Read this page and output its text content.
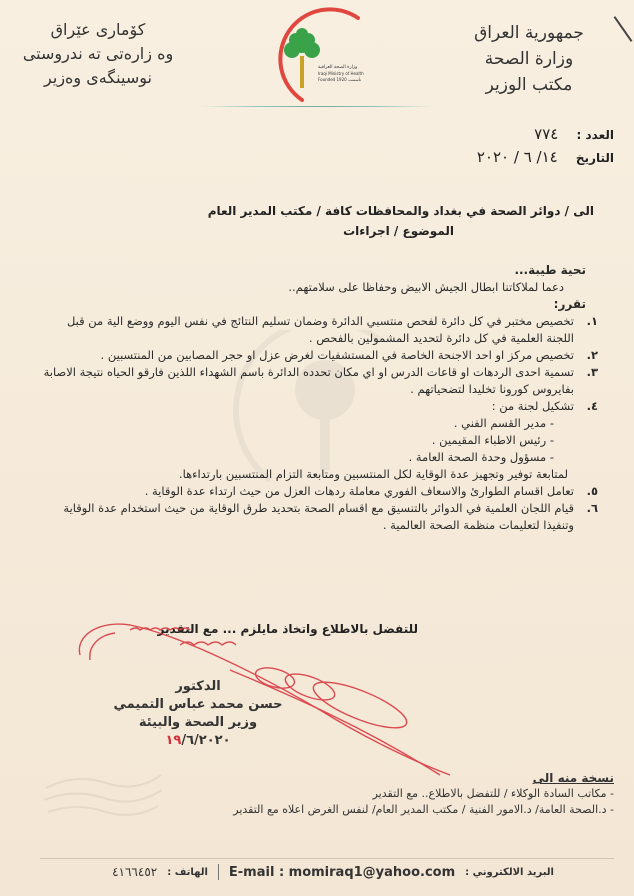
جمهورية العراق
وزارة الصحة
مكتب الوزير
کۆماری عێراق
وه زارەتی تە ندروستی
نوسینگەی وەزیر
وزارة الصحة العراقية
Iraqi Ministry of Health
Founded 1920 تأسست
العدد : ٧٧٤
التاريخ ١٤/ ٦ / ٢٠٢٠
الى / دوائر الصحة في بغداد والمحافظات كافة / مكتب المدير العام
الموضوع / اجراءات
تحية طيبة...
دعما لملاكاتنا ابطال الجيش الابيض وحفاظا على سلامتهم..
تقرر:
١.
تخصيص مختبر في كل دائرة لفحص منتسبي الدائرة وضمان تسليم النتائج في نفس اليوم ووضع الية من قبل اللجنة العلمية في كل دائرة لتحديد المشمولين بالفحص .
٢.
تخصيص مركز او احد الاجنحة الخاصة في المستشفيات لغرض عزل او حجر المصابين من المنتسبين .
٣.
تسمية احدى الردهات او قاعات الدرس او اي مكان تحدده الدائرة باسم الشهداء اللذين فارقو الحياه نتيجة الاصابة بفايروس كورونا تخليدا لتضحياتهم .
٤.
تشكيل لجنة من :
- مدير القسم الفني .
- رئيس الاطباء المقيمين .
- مسؤول وحدة الصحة العامة .
لمتابعة توفير وتجهيز عدة الوقاية لكل المنتسبين ومتابعة التزام المنتسبين بارتداءها.
٥.
تعامل اقسام الطوارئ والاسعاف الفوري معاملة ردهات العزل من حيث ارتداء عدة الوقاية .
٦.
قيام اللجان العلمية في الدوائر بالتنسيق مع اقسام الصحة بتحديد طرق الوقاية من حيث استخدام عدة الوقاية وتنفيذا لتعليمات منظمة الصحة العالمية .
للتفضل بالاطلاع واتخاذ مايلزم ... مع التقدير
الدكتور
حسن محمد عباس التميمي
وزير الصحة والبيئة
١٩/٦/٢٠٢٠
نسخة منه الى
- مكاتب السادة الوكلاء / للتفضل بالاطلاع.. مع التقدير
- د.الصحة العامة/ د.الامور الفنية / مكتب المدير العام/ لنفس الغرض اعلاه مع التقدير
البريد الالكتروني :
E-mail : momiraq1@yahoo.com
الهاتف :
٤١٦٦٤٥٢
